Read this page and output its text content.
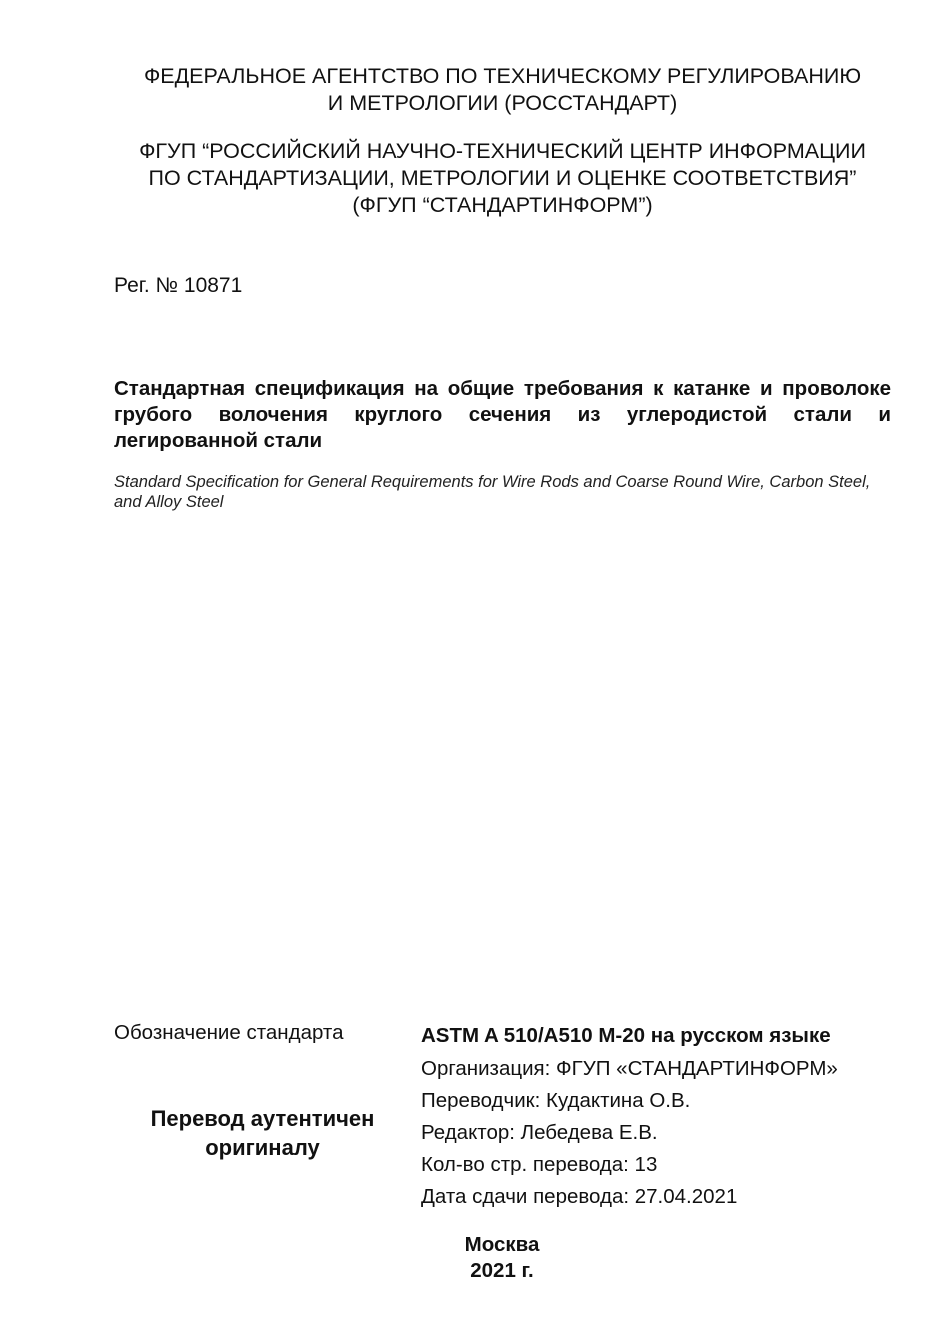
ФЕДЕРАЛЬНОЕ АГЕНТСТВО ПО ТЕХНИЧЕСКОМУ РЕГУЛИРОВАНИЮ
И МЕТРОЛОГИИ (РОССТАНДАРТ)
ФГУП “РОССИЙСКИЙ НАУЧНО-ТЕХНИЧЕСКИЙ ЦЕНТР ИНФОРМАЦИИ
ПО СТАНДАРТИЗАЦИИ, МЕТРОЛОГИИ И ОЦЕНКЕ СООТВЕТСТВИЯ”
(ФГУП “СТАНДАРТИНФОРМ”)
Рег. № 10871
Стандартная спецификация на общие требования к катанке и проволоке грубого волочения круглого сечения из углеродистой стали и легированной стали
Standard Specification for General Requirements for Wire Rods and Coarse Round Wire, Carbon Steel, and Alloy Steel
Обозначение стандарта
Перевод аутентичен
оригиналу
ASTM A 510/A510 M-20 на русском языке
Организация: ФГУП «СТАНДАРТИНФОРМ»
Переводчик: Кудактина О.В.
Редактор: Лебедева Е.В.
Кол-во стр. перевода: 13
Дата сдачи перевода: 27.04.2021
Москва
2021 г.
